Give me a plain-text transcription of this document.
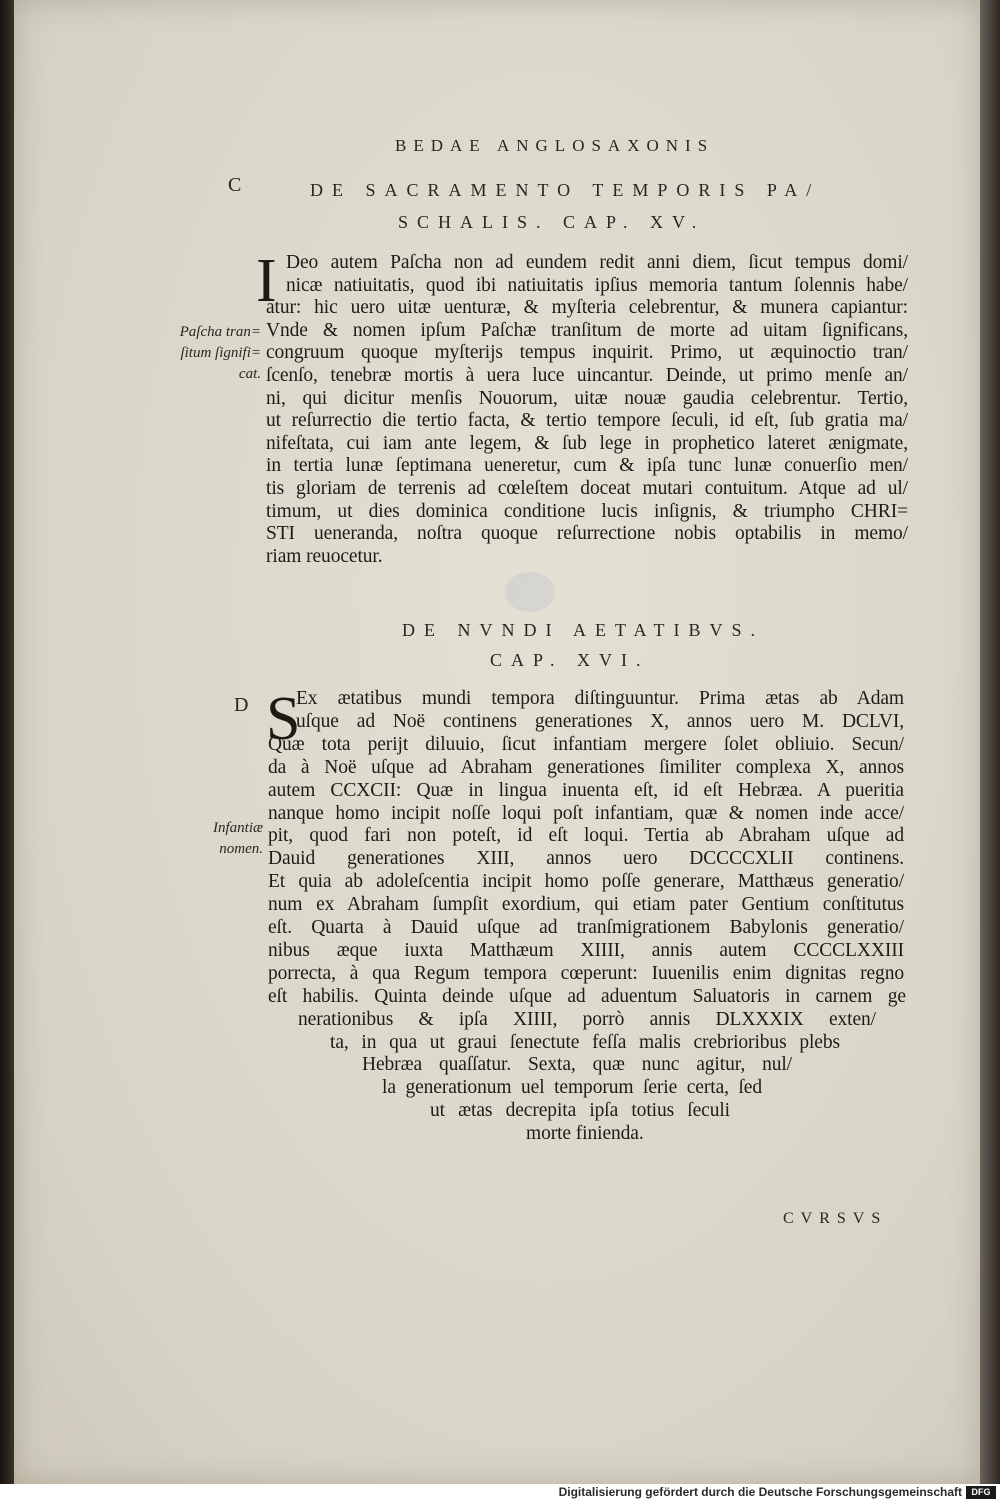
BEDAE ANGLOSAXONIS
C	DE SACRAMENTO TEMPORIS PA/
SCHALIS. CAP. XV.
I Deo autem Paſcha non ad eundem redit anni diem, ſicut tempus domi/
nicæ natiuitatis, quod ibi natiuitatis ipſius memoria tantum ſolennis habe/
atur: hic uero uitæ uenturæ, & myſteria celebrentur, & munera capiantur:
Vnde & nomen ipſum Paſchæ tranſitum de morte ad uitam ſignificans,
congruum quoque myſterijs tempus inquirit. Primo, ut æquinoctio tran/
ſcenſo, tenebræ mortis à uera luce uincantur. Deinde, ut primo menſe an/
ni, qui dicitur menſis Nouorum, uitæ nouæ gaudia celebrentur. Tertio,
ut reſurrectio die tertio facta, & tertio tempore ſeculi, id eſt, ſub gratia ma/
nifeſtata, cui iam ante legem, & ſub lege in prophetico lateret ænigmate,
in tertia lunæ ſeptimana ueneretur, cum & ipſa tunc lunæ conuerſio men/
tis gloriam de terrenis ad cœleſtem doceat mutari contuitum. Atque ad ul/
timum, ut dies dominica conditione lucis inſignis, & triumpho CHRI=
STI ueneranda, noſtra quoque reſurrectione nobis optabilis in memo/
riam reuocetur.
Paſcha tran=
ſitum ſignifi=
cat.
DE NVNDI AETATIBVS.
CAP. XVI.
D S
Ex ætatibus mundi tempora diſtinguuntur. Prima ætas ab Adam
uſque ad Noë continens generationes X, annos uero M. DCLVI,
Quæ tota perijt diluuio, ſicut infantiam mergere ſolet obliuio. Secun/
da à Noë uſque ad Abraham generationes ſimiliter complexa X, annos
autem CCXCII: Quæ in lingua inuenta eſt, id eſt Hebræa. A pueritia
nanque homo incipit noſſe loqui poſt infantiam, quæ & nomen inde acce/
pit, quod fari non poteſt, id eſt loqui. Tertia ab Abraham uſque ad
Dauid generationes XIII, annos uero DCCCCXLII continens.
Et quia ab adoleſcentia incipit homo poſſe generare, Matthæus generatio/
num ex Abraham ſumpſit exordium, qui etiam pater Gentium conſtitutus
eſt. Quarta à Dauid uſque ad tranſmigrationem Babylonis generatio/
nibus æque iuxta Matthæum XIIII, annis autem CCCCLXXIII
porrecta, à qua Regum tempora cœperunt: Iuuenilis enim dignitas regno
eſt habilis. Quinta deinde uſque ad aduentum Saluatoris in carnem ge
nerationibus & ipſa XIIII, porrò annis DLXXXIX exten/
ta, in qua ut graui ſenectute feſſa malis crebrioribus plebs
Hebræa quaſſatur. Sexta, quæ nunc agitur, nul/
la generationum uel temporum ſerie certa, ſed
ut ætas decrepita ipſa totius ſeculi
morte finienda.
Infantiæ
nomen.
CVRSVS
Digitalisierung gefördert durch die Deutsche Forschungsgemeinschaft	DFG
